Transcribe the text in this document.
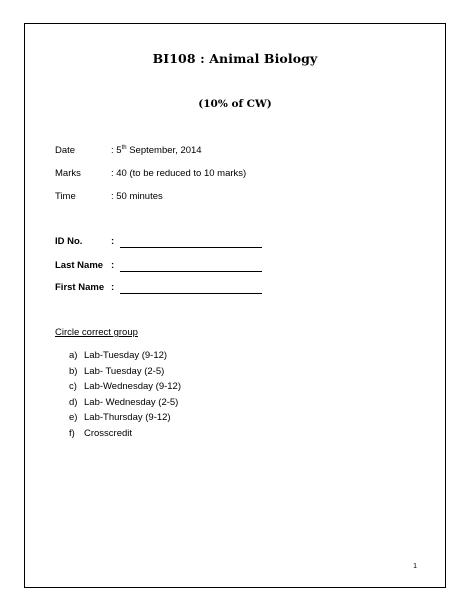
BI108 : Animal Biology
(10% of CW)
Date	: 5th September, 2014
Marks	: 40 (to be reduced to 10 marks)
Time	: 50 minutes
ID No.	:
Last Name :
First Name :
Circle correct group
a) Lab-Tuesday (9-12)
b) Lab- Tuesday (2-5)
c) Lab-Wednesday (9-12)
d) Lab- Wednesday (2-5)
e) Lab-Thursday (9-12)
f) Crosscredit
1
